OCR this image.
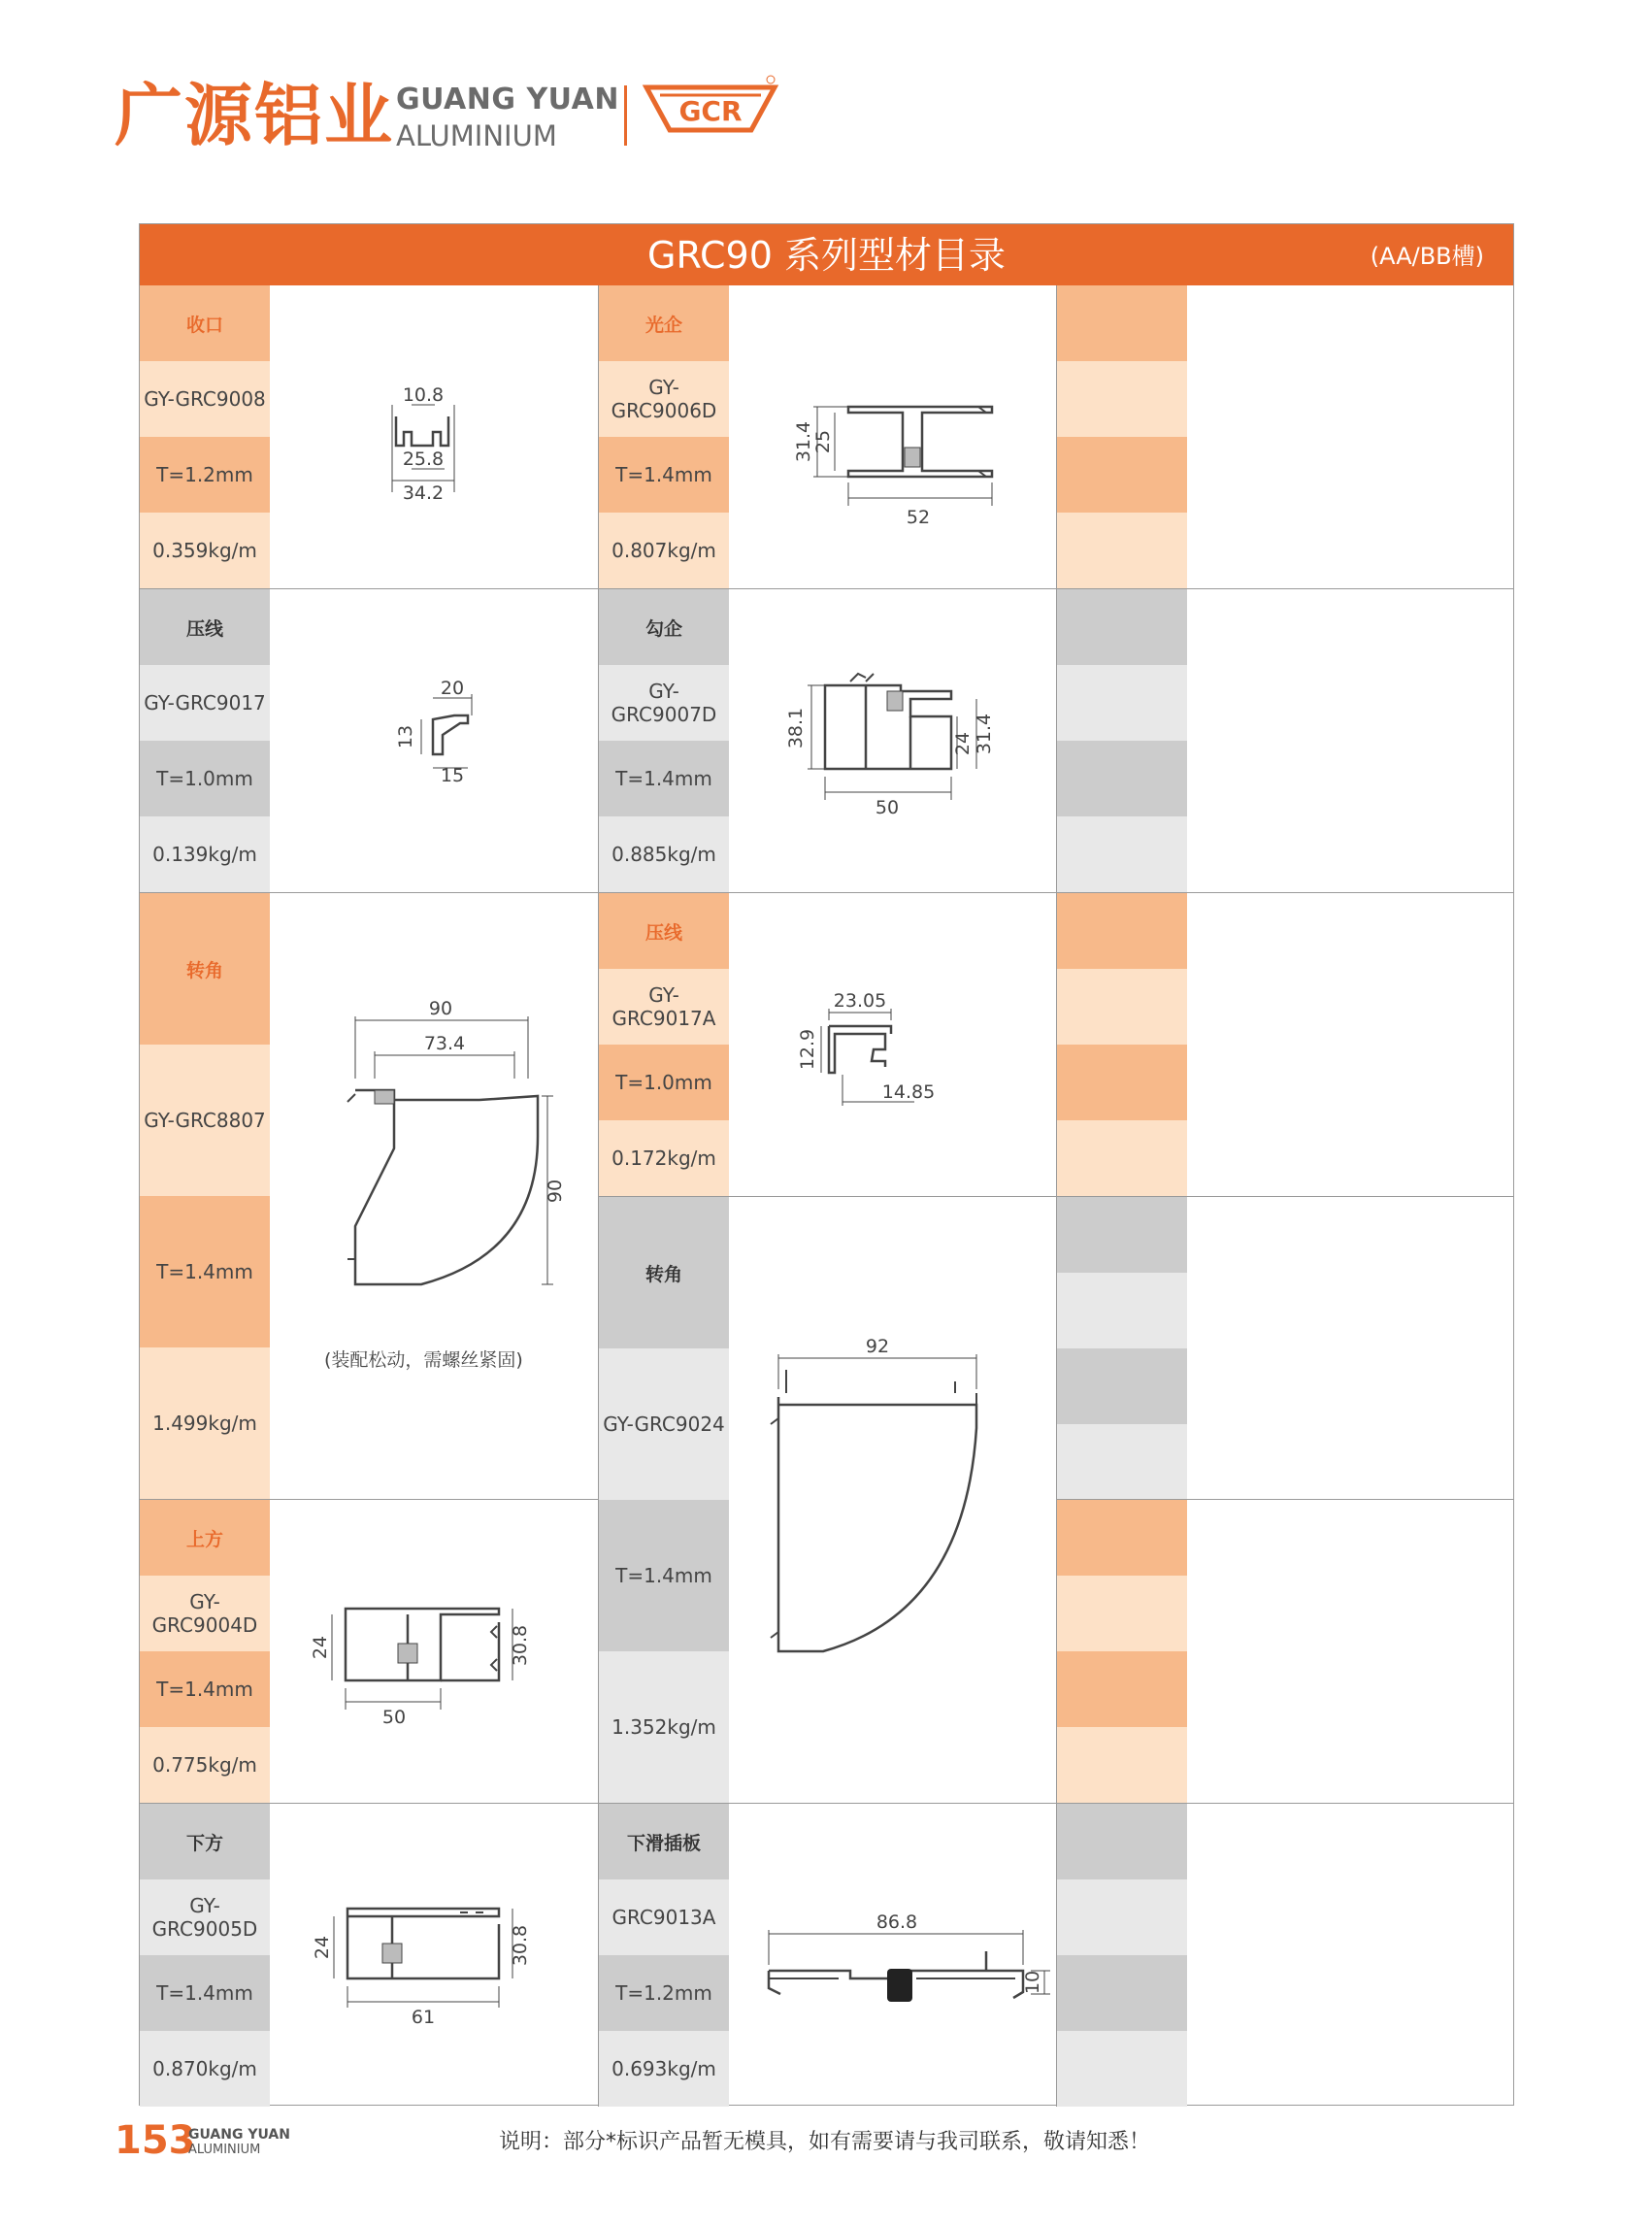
广源铝业 GUANG YUAN
ALUMINIUM
GCR
GRC90 系列型材目录	(AA/BB槽)
收口
GY-GRC9008
T=1.2mm
0.359kg/m
10.8
25.8
34.2
压线
GY-GRC9017
T=1.0mm
0.139kg/m
20
13
15
转角
GY-GRC8807
T=1.4mm
1.499kg/m
90
73.4
90
(装配松动，需螺丝紧固)
上方
GY-GRC9004D
T=1.4mm
0.775kg/m
24	30.8
50
下方
GY-GRC9005D
T=1.4mm
0.870kg/m
24	30.8
61
光企
GY-GRC9006D
T=1.4mm
0.807kg/m
31.4
25
52
勾企
GY-GRC9007D
T=1.4mm
0.885kg/m
38.1	24 31.4
50
压线
GY-GRC9017A
T=1.0mm
0.172kg/m
23.05
12.9
14.85
转角
GY-GRC9024
T=1.4mm
1.352kg/m
92
下滑插板
GRC9013A
T=1.2mm
0.693kg/m
86.8
10
153
GUANG YUAN
ALUMINIUM	说明：部分*标识产品暂无模具，如有需要请与我司联系，敬请知悉！
